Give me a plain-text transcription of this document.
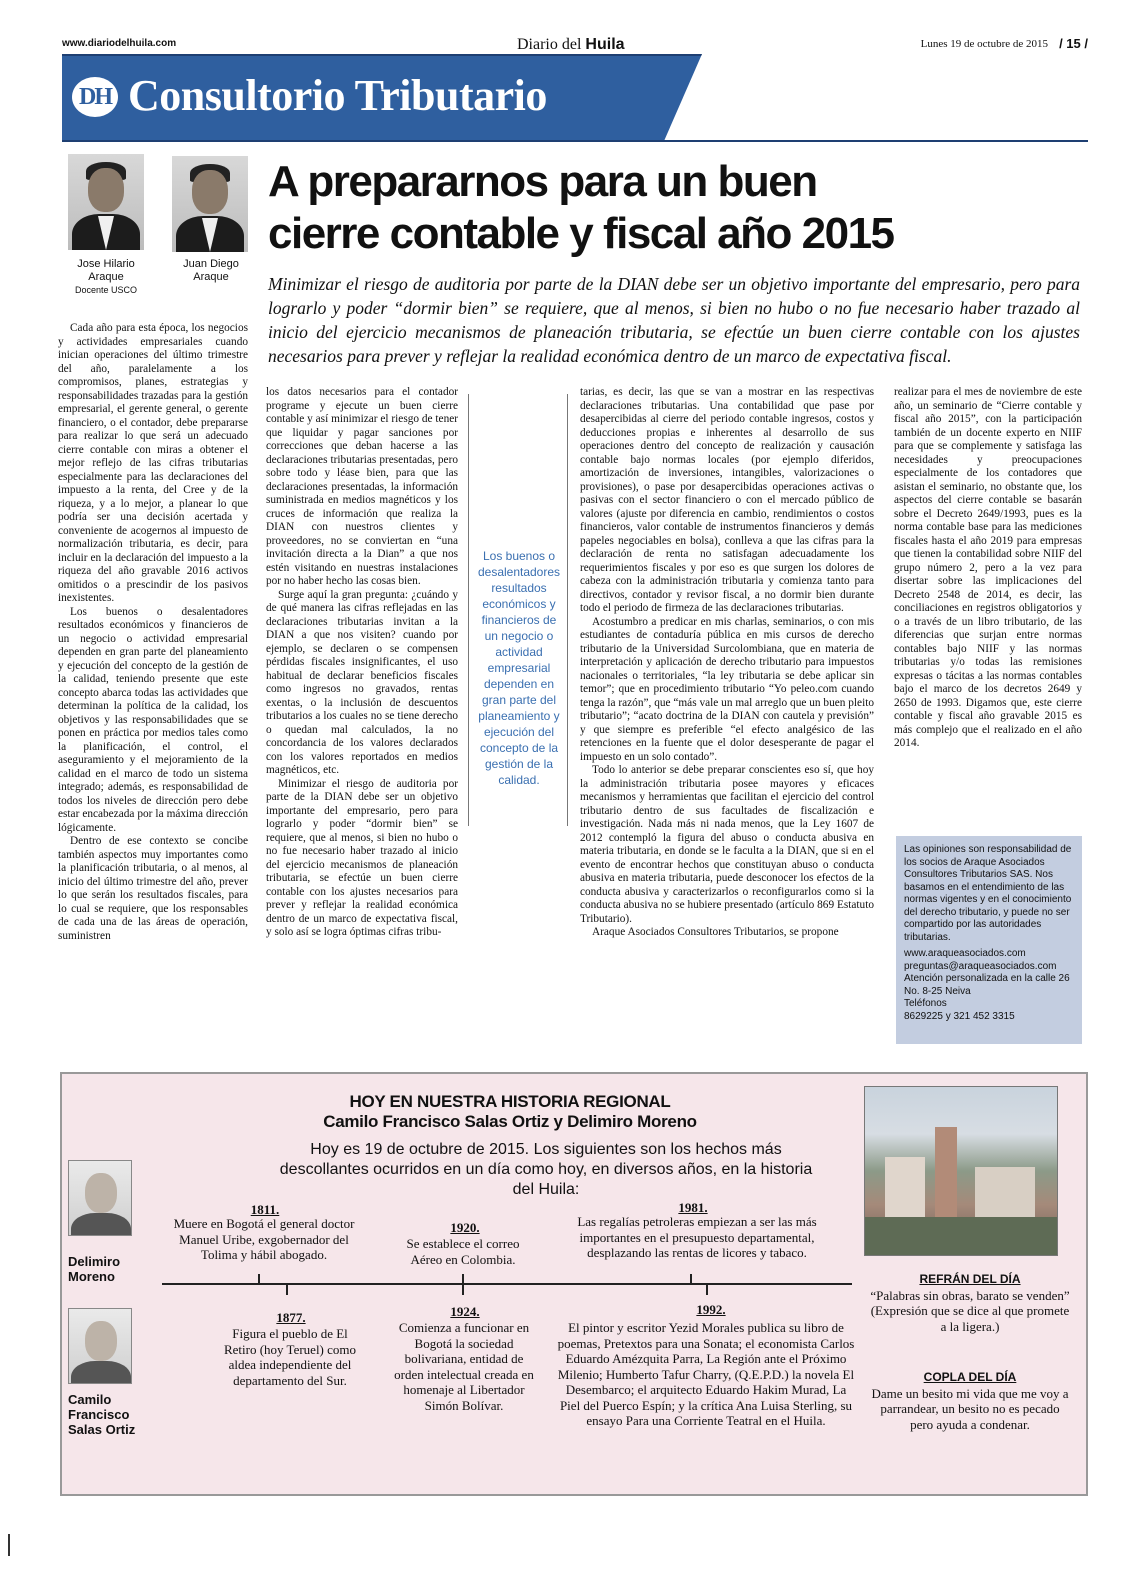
www.diariodelhuila.com	Diario del Huila	Lunes 19 de octubre de 2015 / 15 /
DH Consultorio Tributario
Jose Hilario
Araque
Docente USCO
Juan Diego
Araque
A prepararnos para un buen
cierre contable y fiscal año 2015
Minimizar el riesgo de auditoria por parte de la DIAN debe ser un objetivo importante del empresario, pero para lograrlo y poder “dormir bien” se requiere, que al menos, si bien no hubo o no fue necesario haber trazado al inicio del ejercicio mecanismos de planeación tributaria, se efectúe un buen cierre contable con los ajustes necesarios para prever y reflejar la realidad económica dentro de un marco de expectativa fiscal.

Cada año para esta época, los negocios y actividades empresariales cuando inician operaciones del último trimestre del año, paralelamente a los compromisos, planes, estrategias y responsabilidades trazadas para la gestión empresarial, el gerente general, o gerente financiero, o el contador, debe prepararse para realizar lo que será un adecuado cierre contable con miras a obtener el mejor reflejo de las cifras tributarias especialmente para las declaraciones del impuesto a la renta, del Cree y de la riqueza, y a lo mejor, a planear lo que podría ser una decisión acertada y conveniente de acogernos al impuesto de normalización tributaria, es decir, para incluir en la declaración del impuesto a la riqueza del año gravable 2016 activos omitidos o a prescindir de los pasivos inexistentes.

Los buenos o desalentadores resultados económicos y financieros de un negocio o actividad empresarial dependen en gran parte del planeamiento y ejecución del concepto de la gestión de la calidad, teniendo presente que este concepto abarca todas las actividades que determinan la política de la calidad, los objetivos y las responsabilidades que se ponen en práctica por medios tales como la planificación, el control, el aseguramiento y el mejoramiento de la calidad en el marco de todo un sistema integrado; además, es responsabilidad de todos los niveles de dirección pero debe estar encabezada por la máxima dirección lógicamente.

Dentro de ese contexto se concibe también aspectos muy importantes como la planificación tributaria, o al menos, al inicio del último trimestre del año, prever lo que serán los resultados fiscales, para lo cual se requiere, que los responsables de cada una de las áreas de operación, suministren

los datos necesarios para el contador programe y ejecute un buen cierre contable y así minimizar el riesgo de tener que liquidar y pagar sanciones por correcciones que deban hacerse a las declaraciones tributarias presentadas, pero sobre todo y léase bien, para que las declaraciones presentadas, la información suministrada en medios magnéticos y los cruces de información que realiza la DIAN con nuestros clientes y proveedores, no se conviertan en “una invitación directa a la Dian” a que nos estén visitando en nuestras instalaciones por no haber hecho las cosas bien.

Surge aquí la gran pregunta: ¿cuándo y de qué manera las cifras reflejadas en las declaraciones tributarias invitan a la DIAN a que nos visiten? cuando por ejemplo, se declaren o se compensen pérdidas fiscales insignificantes, el uso habitual de declarar beneficios fiscales como ingresos no gravados, rentas exentas, o la inclusión de descuentos tributarios a los cuales no se tiene derecho o quedan mal calculados, la no concordancia de los valores declarados con los valores reportados en medios magnéticos, etc.

Minimizar el riesgo de auditoria por parte de la DIAN debe ser un objetivo importante del empresario, pero para lograrlo y poder “dormir bien” se requiere, que al menos, si bien no hubo o no fue necesario haber trazado al inicio del ejercicio mecanismos de planeación tributaria, se efectúe un buen cierre contable con los ajustes necesarios para prever y reflejar la realidad económica dentro de un marco de expectativa fiscal, y solo así se logra óptimas cifras tribu-

Los buenos o desalentadores resultados económicos y financieros de un negocio o actividad empresarial dependen en gran parte del planeamiento y ejecución del concepto de la gestión de la calidad.

tarias, es decir, las que se van a mostrar en las respectivas declaraciones tributarias. Una contabilidad que pase por desapercibidas al cierre del periodo contable ingresos, costos y deducciones propias e inherentes al desarrollo de sus operaciones dentro del concepto de realización y causación contable bajo normas locales (por ejemplo diferidos, amortización de inversiones, intangibles, valorizaciones o provisiones), o pase por desapercibidas operaciones activas o pasivas con el sector financiero o con el mercado público de valores (ajuste por diferencia en cambio, rendimientos o costos financieros, valor contable de instrumentos financieros y demás papeles negociables en bolsa), conlleva a que las cifras para la declaración de renta no satisfagan adecuadamente los requerimientos fiscales y por eso es que surgen los dolores de cabeza con la administración tributaria y comienza tanto para directivos, contador y revisor fiscal, a no dormir bien durante todo el periodo de firmeza de las declaraciones tributarias.

Acostumbro a predicar en mis charlas, seminarios, o con mis estudiantes de contaduría pública en mis cursos de derecho tributario de la Universidad Surcolombiana, que en materia de interpretación y aplicación de derecho tributario para impuestos nacionales o territoriales, “la ley tributaria se debe aplicar sin temor”; que en procedimiento tributario “Yo peleo.com cuando tenga la razón”, que “más vale un mal arreglo que un buen pleito tributario”; “acato doctrina de la DIAN con cautela y previsión” y que siempre es preferible “el efecto analgésico de las retenciones en la fuente que el dolor desesperante de pagar el impuesto en un solo contado”.

Todo lo anterior se debe preparar conscientes eso sí, que hoy la administración tributaria posee mayores y eficaces mecanismos y herramientas que facilitan el ejercicio del control tributario dentro de sus facultades de fiscalización e investigación. Nada más ni nada menos, que la Ley 1607 de 2012 contempló la figura del abuso o conducta abusiva en materia tributaria, en donde se le faculta a la DIAN, que si en el evento de encontrar hechos que constituyan abuso o conducta abusiva en materia tributaria, puede desconocer los efectos de la conducta abusiva y caracterizarlos o reconfigurarlos como si la conducta abusiva no se hubiere presentado (artículo 869 Estatuto Tributario).

Araque Asociados Consultores Tributarios, se propone

realizar para el mes de noviembre de este año, un seminario de “Cierre contable y fiscal año 2015”, con la participación también de un docente experto en NIIF para que se complemente y satisfaga las necesidades y preocupaciones especialmente de los contadores que asistan el seminario, no obstante que, los aspectos del cierre contable se basarán sobre el Decreto 2649/1993, pues es la norma contable base para las mediciones fiscales hasta el año 2019 para empresas que tienen la contabilidad sobre NIIF del grupo número 2, pero a la vez para disertar sobre las implicaciones del Decreto 2548 de 2014, es decir, las conciliaciones en registros obligatorios y o a través de un libro tributario, de las diferencias que surjan entre normas contables bajo NIIF y las normas tributarias y/o todas las remisiones expresas o tácitas a las normas contables bajo el marco de los decretos 2649 y 2650 de 1993. Digamos que, este cierre contable y fiscal año gravable 2015 es más complejo que el realizado en el año 2014.

Las opiniones son responsabilidad de los socios de Araque Asociados Consultores Tributarios SAS. Nos basamos en el entendimiento de las normas vigentes y en el conocimiento del derecho tributario, y puede no ser compartido por las autoridades tributarias.
www.araqueasociados.com
preguntas@araqueasociados.com
Atención personalizada en la calle 26 No. 8-25 Neiva
Teléfonos
8629225 y 321 452 3315
HOY EN NUESTRA HISTORIA REGIONAL
Camilo Francisco Salas Ortiz y Delimiro Moreno
Hoy es 19 de octubre de 2015. Los siguientes son los hechos más descollantes ocurridos en un día como hoy, en diversos años, en la historia del Huila:
Delimiro
Moreno
Camilo
Francisco
Salas Ortiz
1811.
Muere en Bogotá el general doctor Manuel Uribe, exgobernador del Tolima y hábil abogado.
1920.
Se establece el correo Aéreo en Colombia.
1981.
Las regalías petroleras empiezan a ser las más importantes en el presupuesto departamental, desplazando las rentas de licores y tabaco.
1877.
Figura el pueblo de El Retiro (hoy Teruel) como aldea independiente del departamento del Sur.
1924.
Comienza a funcionar en Bogotá la sociedad bolivariana, entidad de orden intelectual creada en homenaje al Libertador Simón Bolívar.
1992.
El pintor y escritor Yezid Morales publica su libro de poemas, Pretextos para una Sonata; el economista Carlos Eduardo Amézquita Parra, La Región ante el Próximo Milenio; Humberto Tafur Charry, (Q.E.P.D.) la novela El Desembarco; el arquitecto Eduardo Hakim Murad, La Piel del Puerco Espín; y la crítica Ana Luisa Sterling, su ensayo Para una Corriente Teatral en el Huila.
REFRÁN DEL DÍA
“Palabras sin obras, barato se venden”
(Expresión que se dice al que promete a la ligera.)
COPLA DEL DÍA
Dame un besito mi vida que me voy a parrandear, un besito no es pecado pero ayuda a condenar.
